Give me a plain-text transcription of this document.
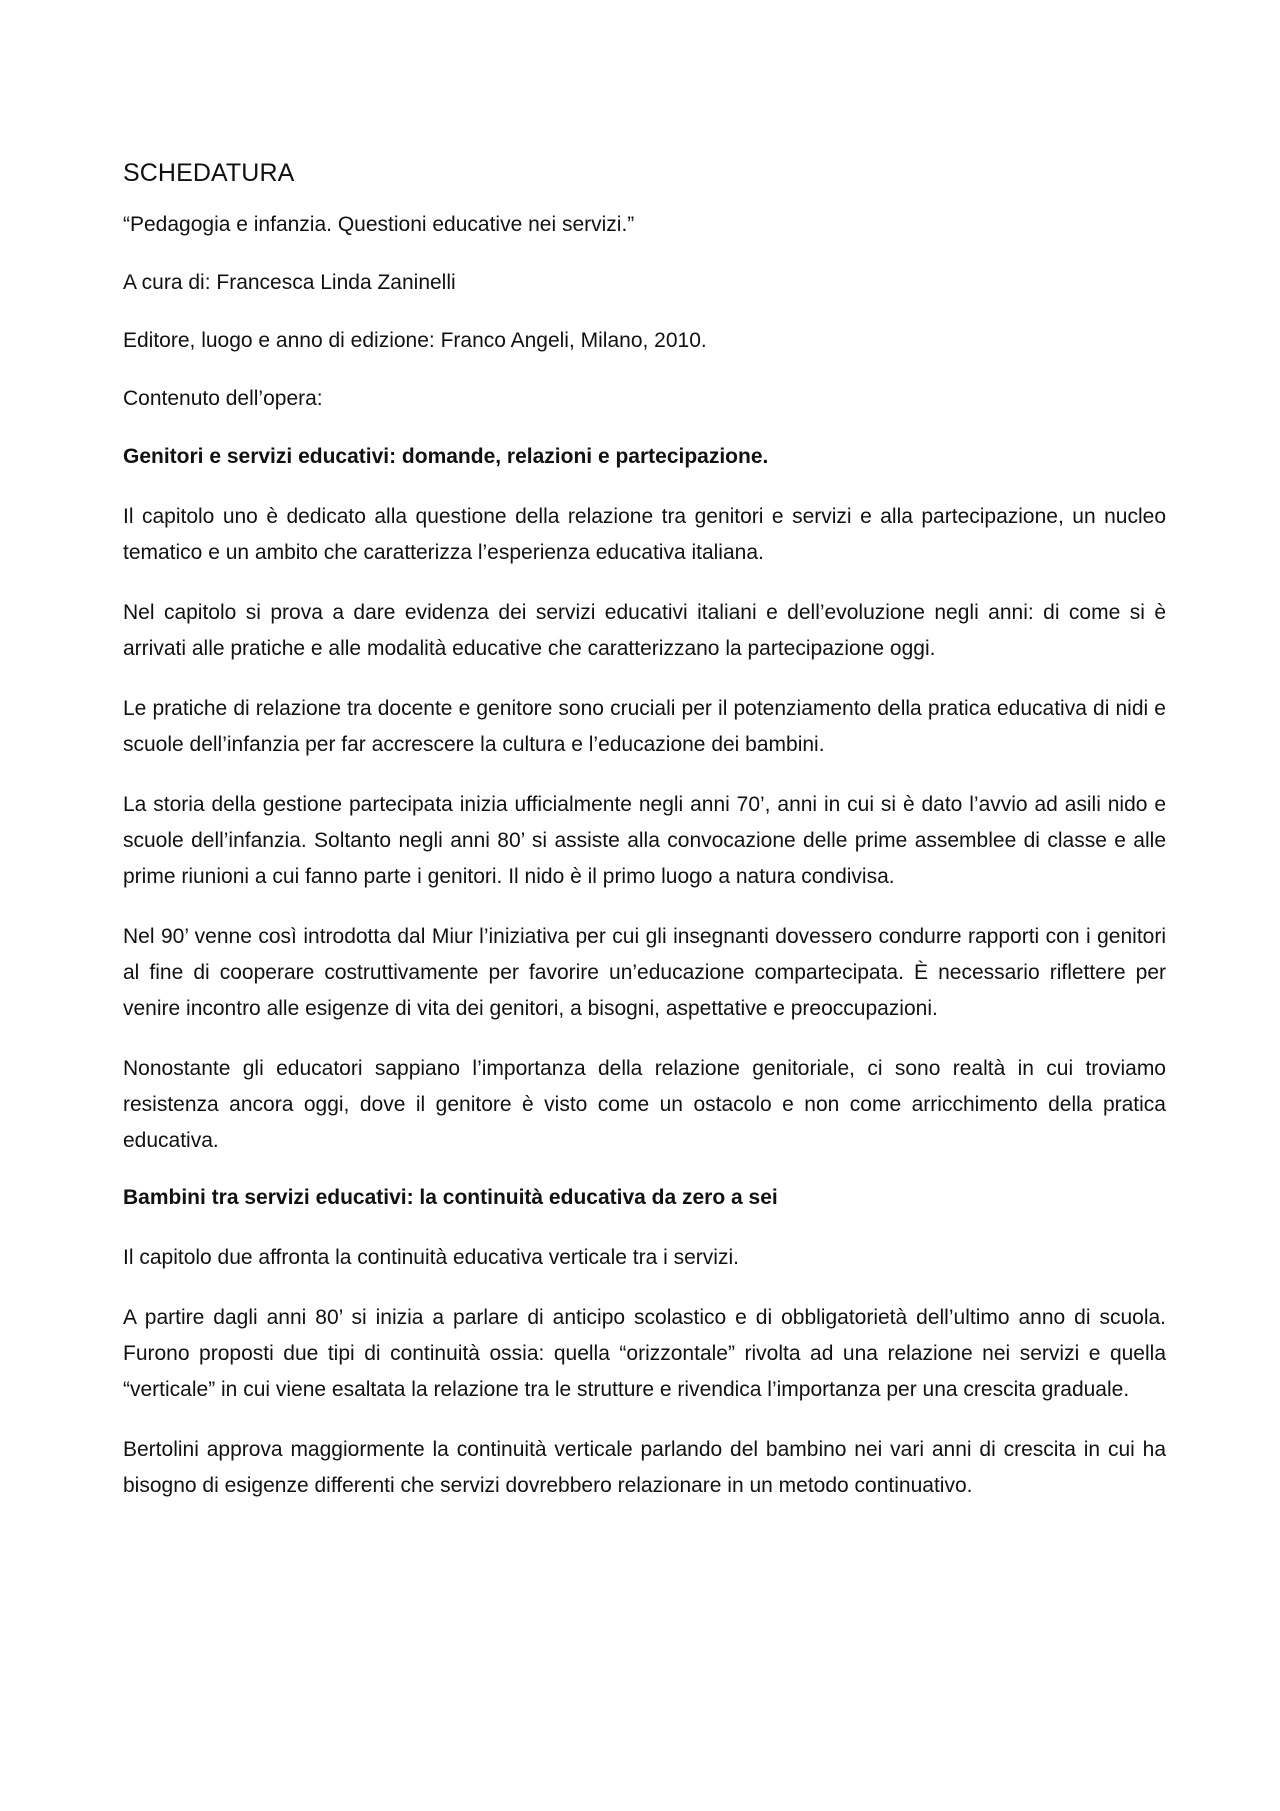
SCHEDATURA
“Pedagogia e infanzia. Questioni educative nei servizi.”
A cura di: Francesca Linda Zaninelli
Editore, luogo e anno di edizione: Franco Angeli, Milano, 2010.
Contenuto dell’opera:
Genitori e servizi educativi: domande, relazioni e partecipazione.

Il capitolo uno è dedicato alla questione della relazione tra genitori e servizi e alla partecipazione, un nucleo tematico e un ambito che caratterizza l’esperienza educativa italiana.

Nel capitolo si prova a dare evidenza dei servizi educativi italiani e dell’evoluzione negli anni: di come si è arrivati alle pratiche e alle modalità educative che caratterizzano la partecipazione oggi.

Le pratiche di relazione tra docente e genitore sono cruciali per il potenziamento della pratica educativa di nidi e scuole dell’infanzia per far accrescere la cultura e l’educazione dei bambini.

La storia della gestione partecipata inizia ufficialmente negli anni 70’, anni in cui si è dato l’avvio ad asili nido e scuole dell’infanzia. Soltanto negli anni 80’ si assiste alla convocazione delle prime assemblee di classe e alle prime riunioni a cui fanno parte i genitori. Il nido è il primo luogo a natura condivisa.

Nel 90’ venne così introdotta dal Miur l’iniziativa per cui gli insegnanti dovessero condurre rapporti con i genitori al fine di cooperare costruttivamente per favorire un’educazione compartecipata. È necessario riflettere per venire incontro alle esigenze di vita dei genitori, a bisogni, aspettative e preoccupazioni.

Nonostante gli educatori sappiano l’importanza della relazione genitoriale, ci sono realtà in cui troviamo resistenza ancora oggi, dove il genitore è visto come un ostacolo e non come arricchimento della pratica educativa.

Bambini tra servizi educativi: la continuità educativa da zero a sei

Il capitolo due affronta la continuità educativa verticale tra i servizi.

A partire dagli anni 80’ si inizia a parlare di anticipo scolastico e di obbligatorietà dell’ultimo anno di scuola. Furono proposti due tipi di continuità ossia: quella “orizzontale” rivolta ad una relazione nei servizi e quella “verticale” in cui viene esaltata la relazione tra le strutture e rivendica l’importanza per una crescita graduale.

Bertolini approva maggiormente la continuità verticale parlando del bambino nei vari anni di crescita in cui ha bisogno di esigenze differenti che servizi dovrebbero relazionare in un metodo continuativo.
